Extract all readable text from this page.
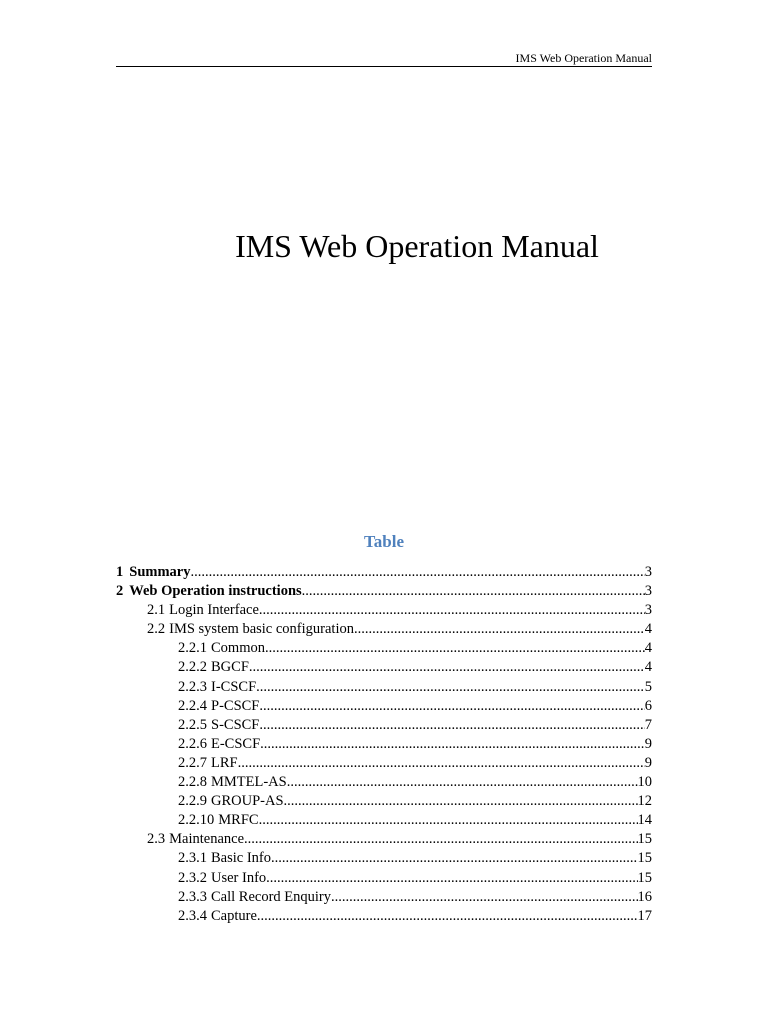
IMS Web Operation Manual
IMS Web Operation Manual
Table
1 Summary .....	3
2 Web Operation instructions .....	3
2.1 Login Interface .....	3
2.2 IMS system basic configuration .....	4
2.2.1 Common .....	4
2.2.2 BGCF .....	4
2.2.3 I-CSCF .....	5
2.2.4 P-CSCF .....	6
2.2.5 S-CSCF .....	7
2.2.6 E-CSCF .....	9
2.2.7 LRF .....	9
2.2.8 MMTEL-AS .....	10
2.2.9 GROUP-AS .....	12
2.2.10 MRFC .....	14
2.3 Maintenance .....	15
2.3.1 Basic Info .....	15
2.3.2 User Info .....	15
2.3.3 Call Record Enquiry .....	16
2.3.4 Capture .....	17
